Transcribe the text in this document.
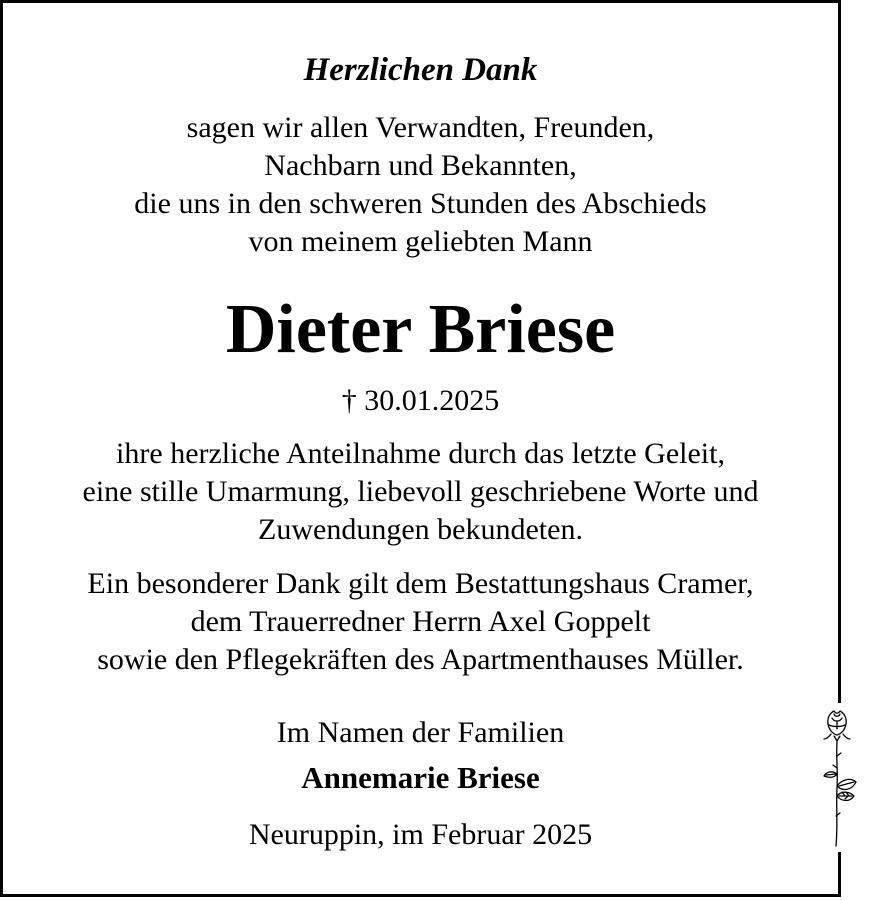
Herzlichen Dank
sagen wir allen Verwandten, Freunden,
Nachbarn und Bekannten,
die uns in den schweren Stunden des Abschieds
von meinem geliebten Mann
Dieter Briese
† 30.01.2025
ihre herzliche Anteilnahme durch das letzte Geleit,
eine stille Umarmung, liebevoll geschriebene Worte und
Zuwendungen bekundeten.
Ein besonderer Dank gilt dem Bestattungshaus Cramer,
dem Trauerredner Herrn Axel Goppelt
sowie den Pflegekräften des Apartmenthauses Müller.
Im Namen der Familien
Annemarie Briese
Neuruppin, im Februar 2025
